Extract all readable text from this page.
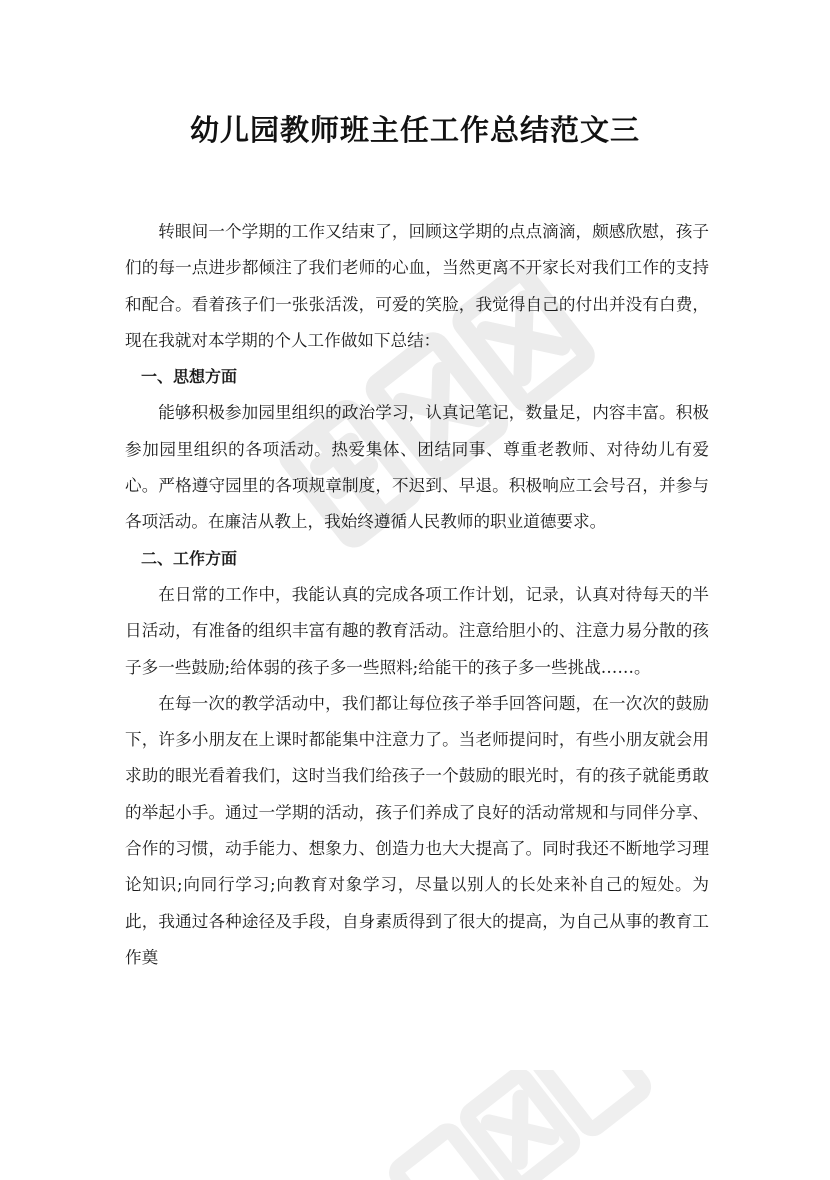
幼儿园教师班主任工作总结范文三

转眼间一个学期的工作又结束了，回顾这学期的点点滴滴，颇感欣慰，孩子们的每一点进步都倾注了我们老师的心血，当然更离不开家长对我们工作的支持和配合。看着孩子们一张张活泼，可爱的笑脸，我觉得自己的付出并没有白费，现在我就对本学期的个人工作做如下总结：

一、思想方面

能够积极参加园里组织的政治学习，认真记笔记，数量足，内容丰富。积极参加园里组织的各项活动。热爱集体、团结同事、尊重老教师、对待幼儿有爱心。严格遵守园里的各项规章制度，不迟到、早退。积极响应工会号召，并参与各项活动。在廉洁从教上，我始终遵循人民教师的职业道德要求。

二、工作方面

在日常的工作中，我能认真的完成各项工作计划，记录，认真对待每天的半日活动，有准备的组织丰富有趣的教育活动。注意给胆小的、注意力易分散的孩子多一些鼓励;给体弱的孩子多一些照料;给能干的孩子多一些挑战……。

在每一次的教学活动中，我们都让每位孩子举手回答问题，在一次次的鼓励下，许多小朋友在上课时都能集中注意力了。当老师提问时，有些小朋友就会用求助的眼光看着我们，这时当我们给孩子一个鼓励的眼光时，有的孩子就能勇敢的举起小手。通过一学期的活动，孩子们养成了良好的活动常规和与同伴分享、合作的习惯，动手能力、想象力、创造力也大大提高了。同时我还不断地学习理论知识;向同行学习;向教育对象学习，尽量以别人的长处来补自己的短处。为此，我通过各种途径及手段，自身素质得到了很大的提高，为自己从事的教育工作奠
